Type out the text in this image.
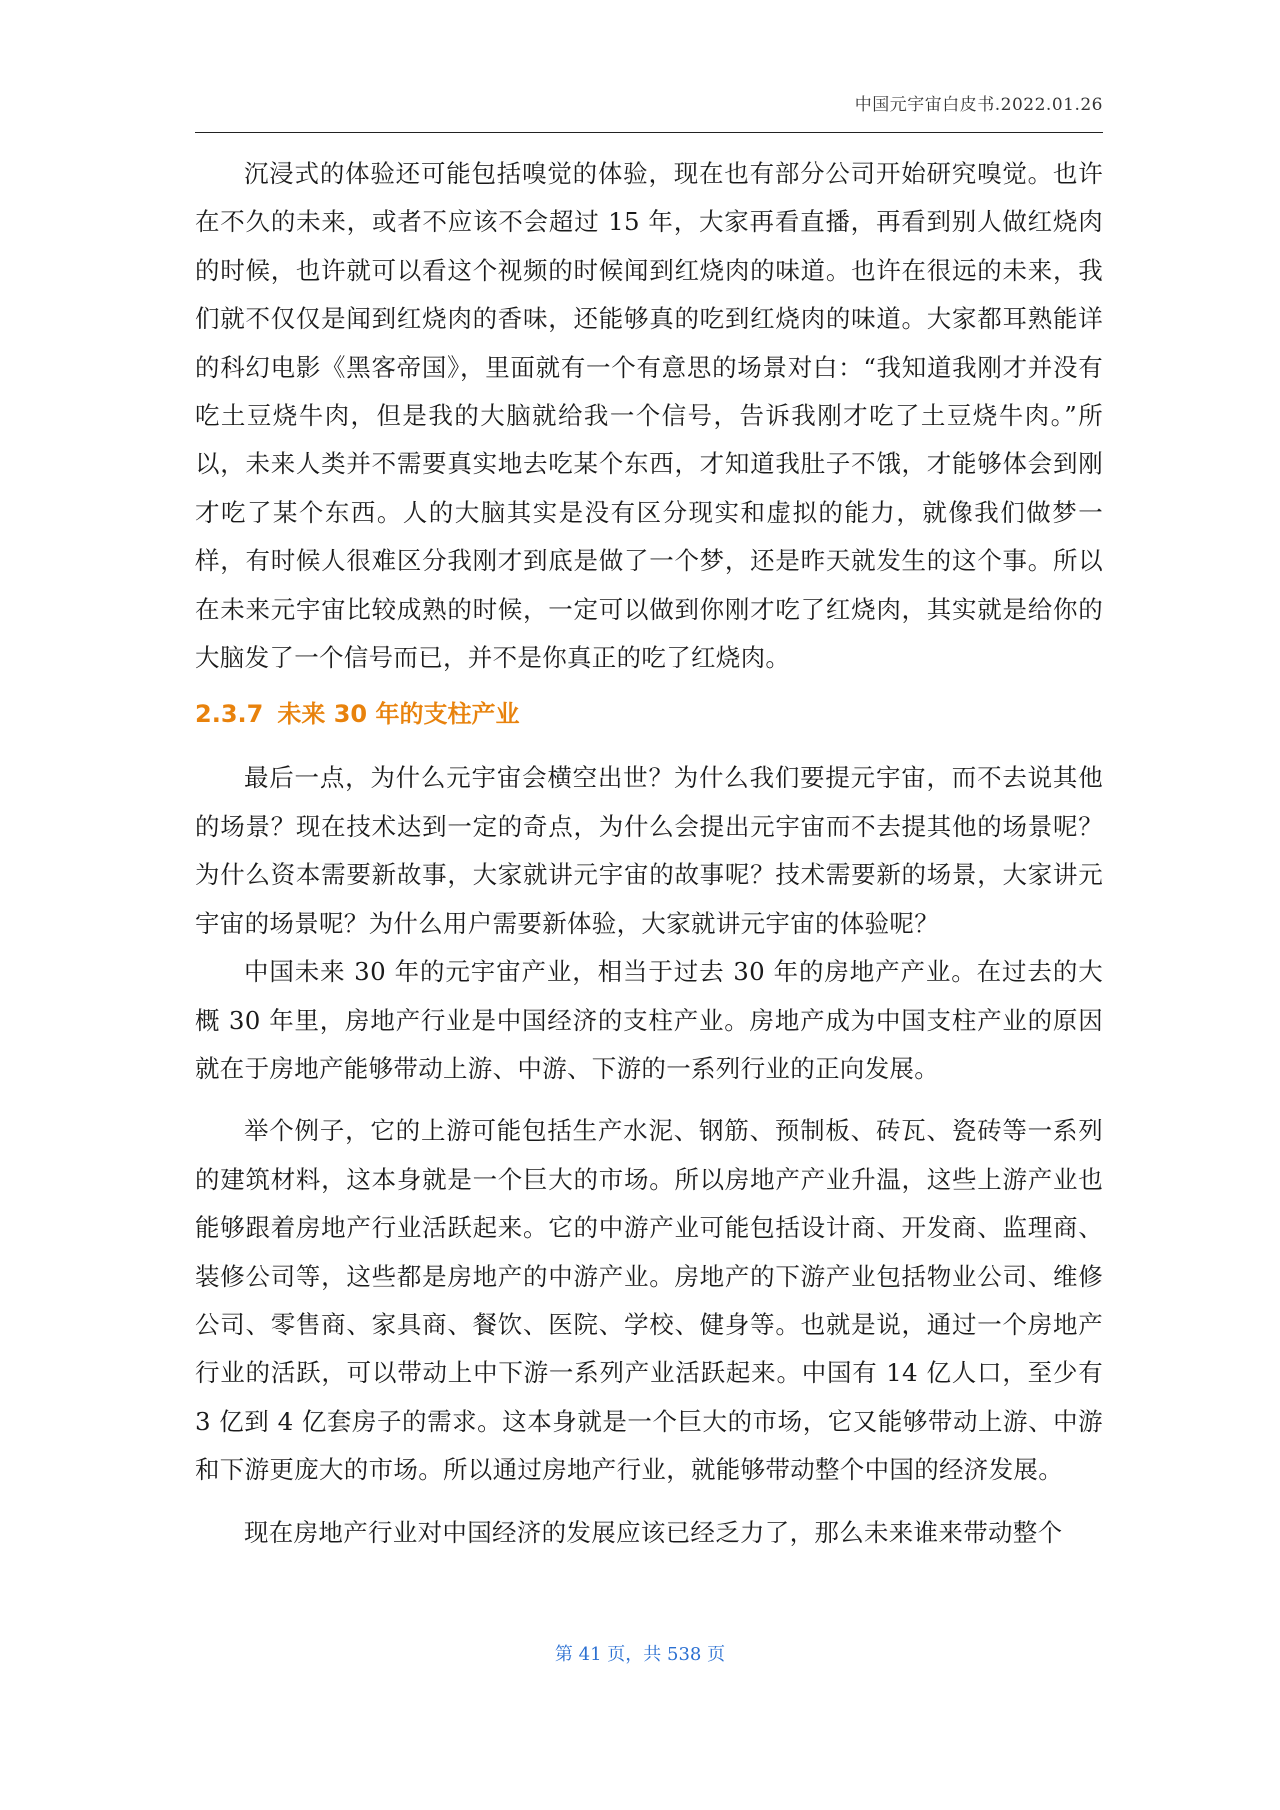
中国元宇宙白皮书.2022.01.26

沉浸式的体验还可能包括嗅觉的体验，现在也有部分公司开始研究嗅觉。也许在不久的未来，或者不应该不会超过 15 年，大家再看直播，再看到别人做红烧肉的时候，也许就可以看这个视频的时候闻到红烧肉的味道。也许在很远的未来，我们就不仅仅是闻到红烧肉的香味，还能够真的吃到红烧肉的味道。大家都耳熟能详的科幻电影《黑客帝国》，里面就有一个有意思的场景对白：“我知道我刚才并没有吃土豆烧牛肉，但是我的大脑就给我一个信号，告诉我刚才吃了土豆烧牛肉。”所以，未来人类并不需要真实地去吃某个东西，才知道我肚子不饿，才能够体会到刚才吃了某个东西。人的大脑其实是没有区分现实和虚拟的能力，就像我们做梦一样，有时候人很难区分我刚才到底是做了一个梦，还是昨天就发生的这个事。所以在未来元宇宙比较成熟的时候，一定可以做到你刚才吃了红烧肉，其实就是给你的大脑发了一个信号而已，并不是你真正的吃了红烧肉。

2.3.7 未来 30 年的支柱产业

最后一点，为什么元宇宙会横空出世？为什么我们要提元宇宙，而不去说其他的场景？现在技术达到一定的奇点，为什么会提出元宇宙而不去提其他的场景呢？为什么资本需要新故事，大家就讲元宇宙的故事呢？技术需要新的场景，大家讲元宇宙的场景呢？为什么用户需要新体验，大家就讲元宇宙的体验呢？

中国未来 30 年的元宇宙产业，相当于过去 30 年的房地产产业。在过去的大概 30 年里，房地产行业是中国经济的支柱产业。房地产成为中国支柱产业的原因就在于房地产能够带动上游、中游、下游的一系列行业的正向发展。

举个例子，它的上游可能包括生产水泥、钢筋、预制板、砖瓦、瓷砖等一系列的建筑材料，这本身就是一个巨大的市场。所以房地产产业升温，这些上游产业也能够跟着房地产行业活跃起来。它的中游产业可能包括设计商、开发商、监理商、装修公司等，这些都是房地产的中游产业。房地产的下游产业包括物业公司、维修公司、零售商、家具商、餐饮、医院、学校、健身等。也就是说，通过一个房地产行业的活跃，可以带动上中下游一系列产业活跃起来。中国有 14 亿人口，至少有 3 亿到 4 亿套房子的需求。这本身就是一个巨大的市场，它又能够带动上游、中游和下游更庞大的市场。所以通过房地产行业，就能够带动整个中国的经济发展。

现在房地产行业对中国经济的发展应该已经乏力了，那么未来谁来带动整个

第 41 页，共 538 页
